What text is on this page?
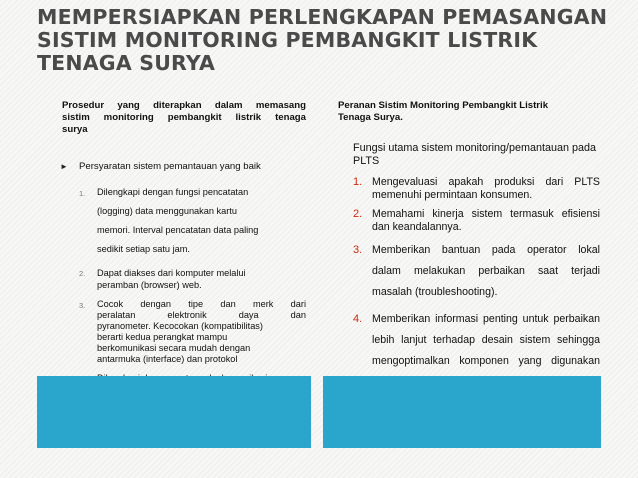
MEMPERSIAPKAN PERLENGKAPAN PEMASANGAN
SISTIM MONITORING PEMBANGKIT LISTRIK
TENAGA SURYA

Prosedur yang diterapkan dalam memasang
sistim monitoring pembangkit listrik tenaga
surya

► Persyaratan sistem pemantauan yang baik
1. Dilengkapi dengan fungsi pencatatan
(logging) data menggunakan kartu
memori. Interval pencatatan data paling
sedikit setiap satu jam.
2. Dapat diakses dari komputer melalui
peramban (browser) web.
3. Cocok dengan tipe dan merk dari
peralatan elektronik daya dan
pyranometer. Kecocokan (kompatibilitas)
berarti kedua perangkat mampu
berkomunikasi secara mudah dengan
antarmuka (interface) dan protokol

Peranan Sistim Monitoring Pembangkit Listrik
Tenaga Surya.

Fungsi utama sistem monitoring/pemantauan pada
PLTS
1. Mengevaluasi apakah produksi dari PLTS
memenuhi permintaan konsumen.
2. Memahami kinerja sistem termasuk efisiensi
dan keandalannya.
3. Memberikan bantuan pada operator lokal
dalam melakukan perbaikan saat terjadi
masalah (troubleshooting).
4. Memberikan informasi penting untuk perbaikan
lebih lanjut terhadap desain sistem sehingga
mengoptimalkan komponen yang digunakan
